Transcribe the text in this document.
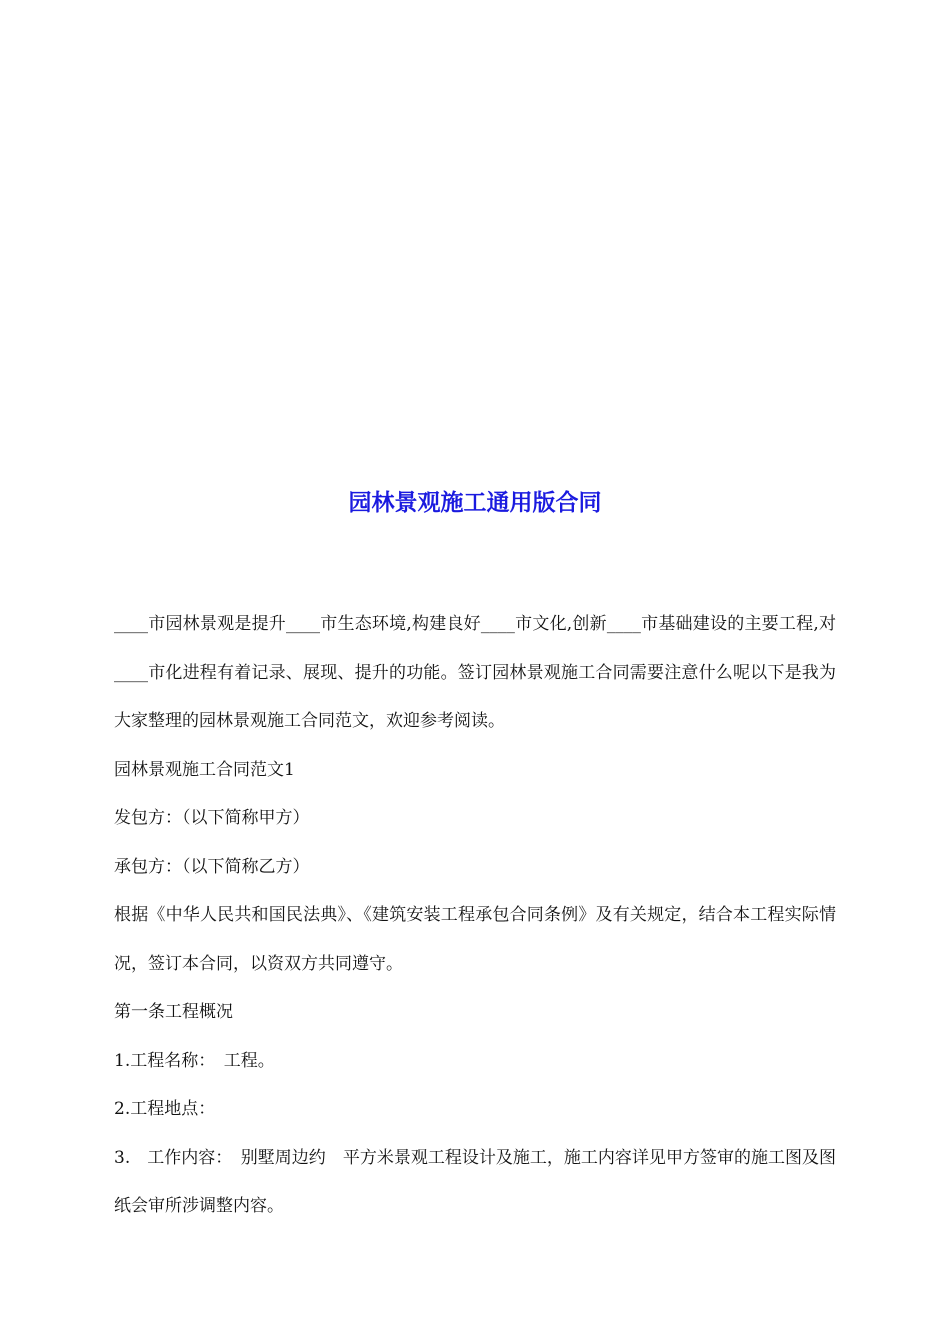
园林景观施工通用版合同

____市园林景观是提升____市生态环境,构建良好____市文化,创新____市基础建设的主要工程,对____市化进程有着记录、展现、提升的功能。签订园林景观施工合同需要注意什么呢以下是我为大家整理的园林景观施工合同范文，欢迎参考阅读。

园林景观施工合同范文1

发包方：（以下简称甲方）

承包方：（以下简称乙方）

根据《中华人民共和国民法典》、《建筑安装工程承包合同条例》及有关规定，结合本工程实际情况，签订本合同，以资双方共同遵守。

第一条工程概况

1.工程名称：　工程。

2.工程地点：

3.　工作内容：　别墅周边约　平方米景观工程设计及施工，施工内容详见甲方签审的施工图及图纸会审所涉调整内容。
